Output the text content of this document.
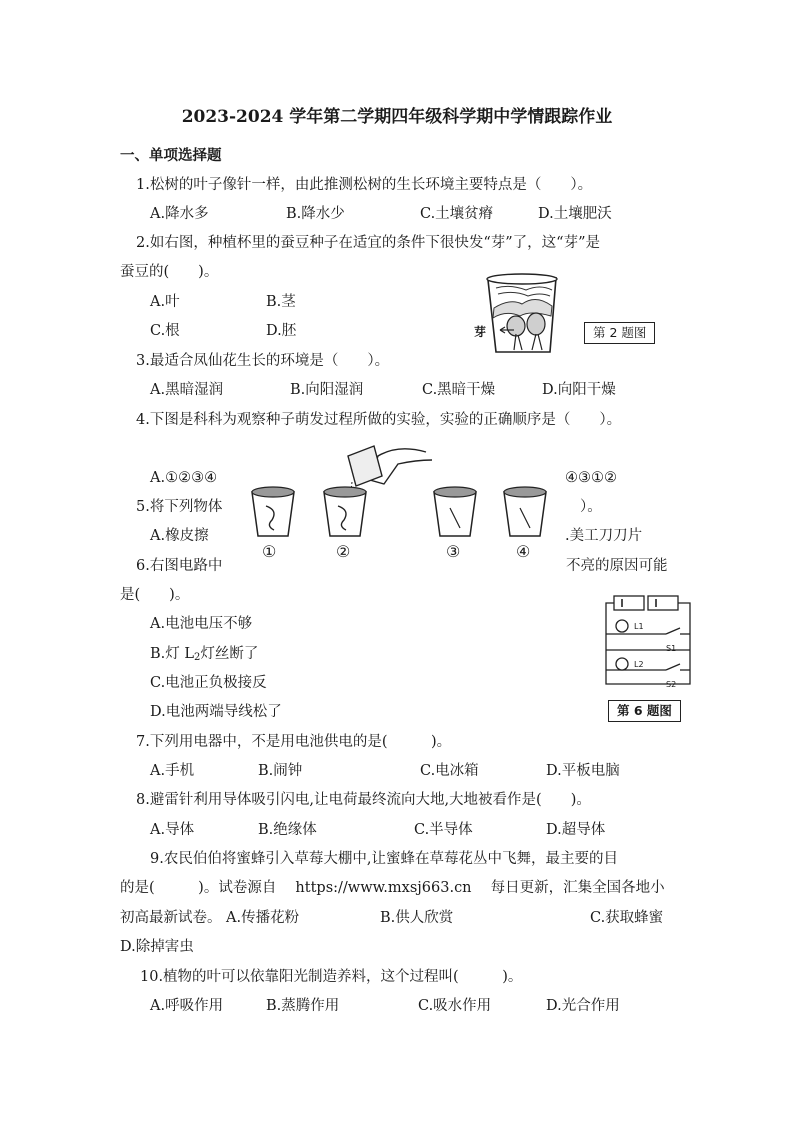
2023-2024 学年第二学期四年级科学期中学情跟踪作业
一、单项选择题
1.松树的叶子像针一样，由此推测松树的生长环境主要特点是（　　）。
A.降水多	B.降水少	C.土壤贫瘠	D.土壤肥沃
2.如右图，种植杯里的蚕豆种子在适宜的条件下很快发“芽”了，这“芽”是
蚕豆的(　　)。
A.叶	B.茎
C.根	D.胚	芽	第 2 题图
3.最适合凤仙花生长的环境是（　　）。
A.黑暗湿润	B.向阳湿润	C.黑暗干燥	D.向阳干燥
4.下图是科科为观察种子萌发过程所做的实验，实验的正确顺序是（　　）。
A.①②③④	④③①②
5.将下列物体	）。
A.橡皮擦	.美工刀刀片
6.右图电路中	不亮的原因可能
是(　　)。
A.电池电压不够
B.灯 $L_2$灯丝断了
C.电池正负极接反
D.电池两端导线松了
①	②	③	④
L1
L2
S1
S2
第 6 题图
7.下列用电器中，不是用电池供电的是(　　　)。
A.手机	B.闹钟	C.电冰箱	D.平板电脑
8.避雷针利用导体吸引闪电,让电荷最终流向大地,大地被看作是(　　)。
A.导体	B.绝缘体	C.半导体	D.超导体
9.农民伯伯将蜜蜂引入草莓大棚中,让蜜蜂在草莓花丛中飞舞，最主要的目
的是(　　　)。试卷源自　 https://www.mxsj663.cn　 每日更新，汇集全国各地小
初高最新试卷。 A.传播花粉	B.供人欣赏	C.获取蜂蜜
D.除掉害虫
10.植物的叶可以依靠阳光制造养料，这个过程叫(　　　)。
A.呼吸作用	B.蒸腾作用	C.吸水作用	D.光合作用
